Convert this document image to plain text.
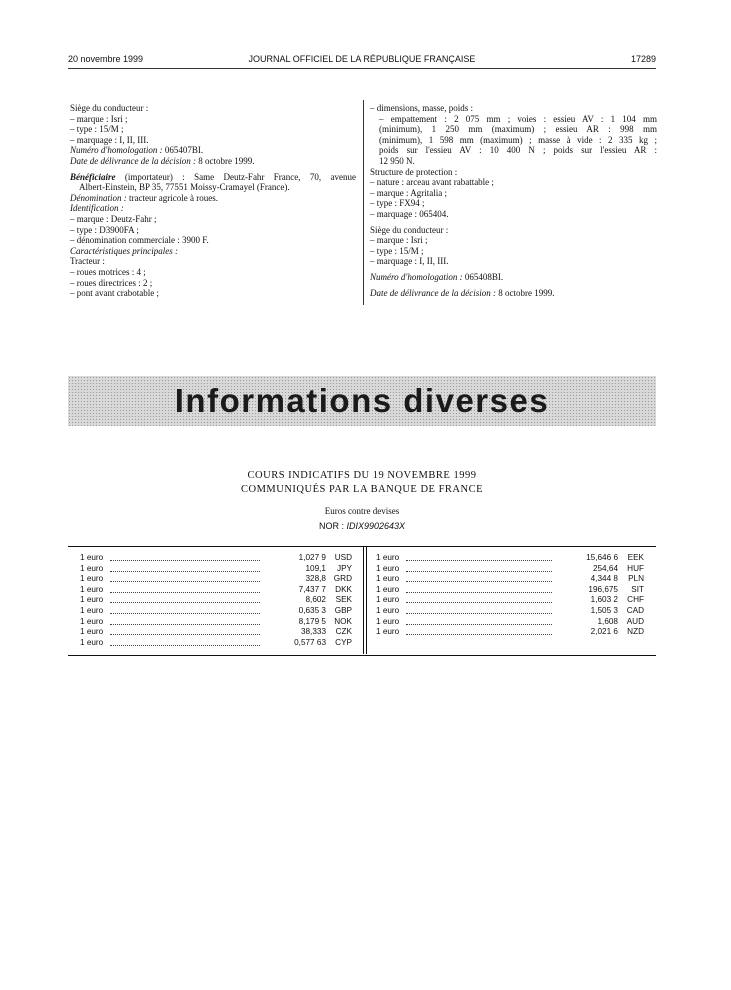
20 novembre 1999	JOURNAL OFFICIEL DE LA RÉPUBLIQUE FRANÇAISE	17289
Siège du conducteur :
– marque : Isri ;
– type : 15/M ;
– marquage : I, II, III.
Numéro d'homologation : 065407BI.
Date de délivrance de la décision : 8 octobre 1999.
Bénéficiaire (importateur) : Same Deutz-Fahr France, 70, avenue
Albert-Einstein, BP 35, 77551 Moissy-Cramayel (France).
Dénomination : tracteur agricole à roues.
Identification :
– marque : Deutz-Fahr ;
– type : D3900FA ;
– dénomination commerciale : 3900 F.
Caractéristiques principales :
Tracteur :
– roues motrices : 4 ;
– roues directrices : 2 ;
– pont avant crabotable ;
– dimensions, masse, poids :
– empattement : 2 075 mm ; voies : essieu AV : 1 104 mm
(minimum), 1 250 mm (maximum) ; essieu AR : 998 mm
(minimum), 1 598 mm (maximum) ; masse à vide : 2 335 kg ;
poids sur l'essieu AV : 10 400 N ; poids sur l'essieu AR :
12 950 N.
Structure de protection :
– nature : arceau avant rabattable ;
– marque : Agritalia ;
– type : FX94 ;
– marquage : 065404.
Siège du conducteur :
– marque : Isri ;
– type : 15/M ;
– marquage : I, II, III.
Numéro d'homologation : 065408BI.
Date de délivrance de la décision : 8 octobre 1999.
Informations diverses
COURS INDICATIFS DU 19 NOVEMBRE 1999
COMMUNIQUÉS PAR LA BANQUE DE FRANCE
Euros contre devises
NOR : IDIX9902643X
1 euro	1,027 9 USD
1 euro	109,1 JPY
1 euro	328,8 GRD
1 euro	7,437 7 DKK
1 euro	8,602 SEK
1 euro	0,635 3 GBP
1 euro	8,179 5 NOK
1 euro	38,333 CZK
1 euro	0,577 63 CYP
1 euro	15,646 6 EEK
1 euro	254,64 HUF
1 euro	4,344 8 PLN
1 euro	196,675 SIT
1 euro	1,603 2 CHF
1 euro	1,505 3 CAD
1 euro	1,608 AUD
1 euro	2,021 6 NZD
